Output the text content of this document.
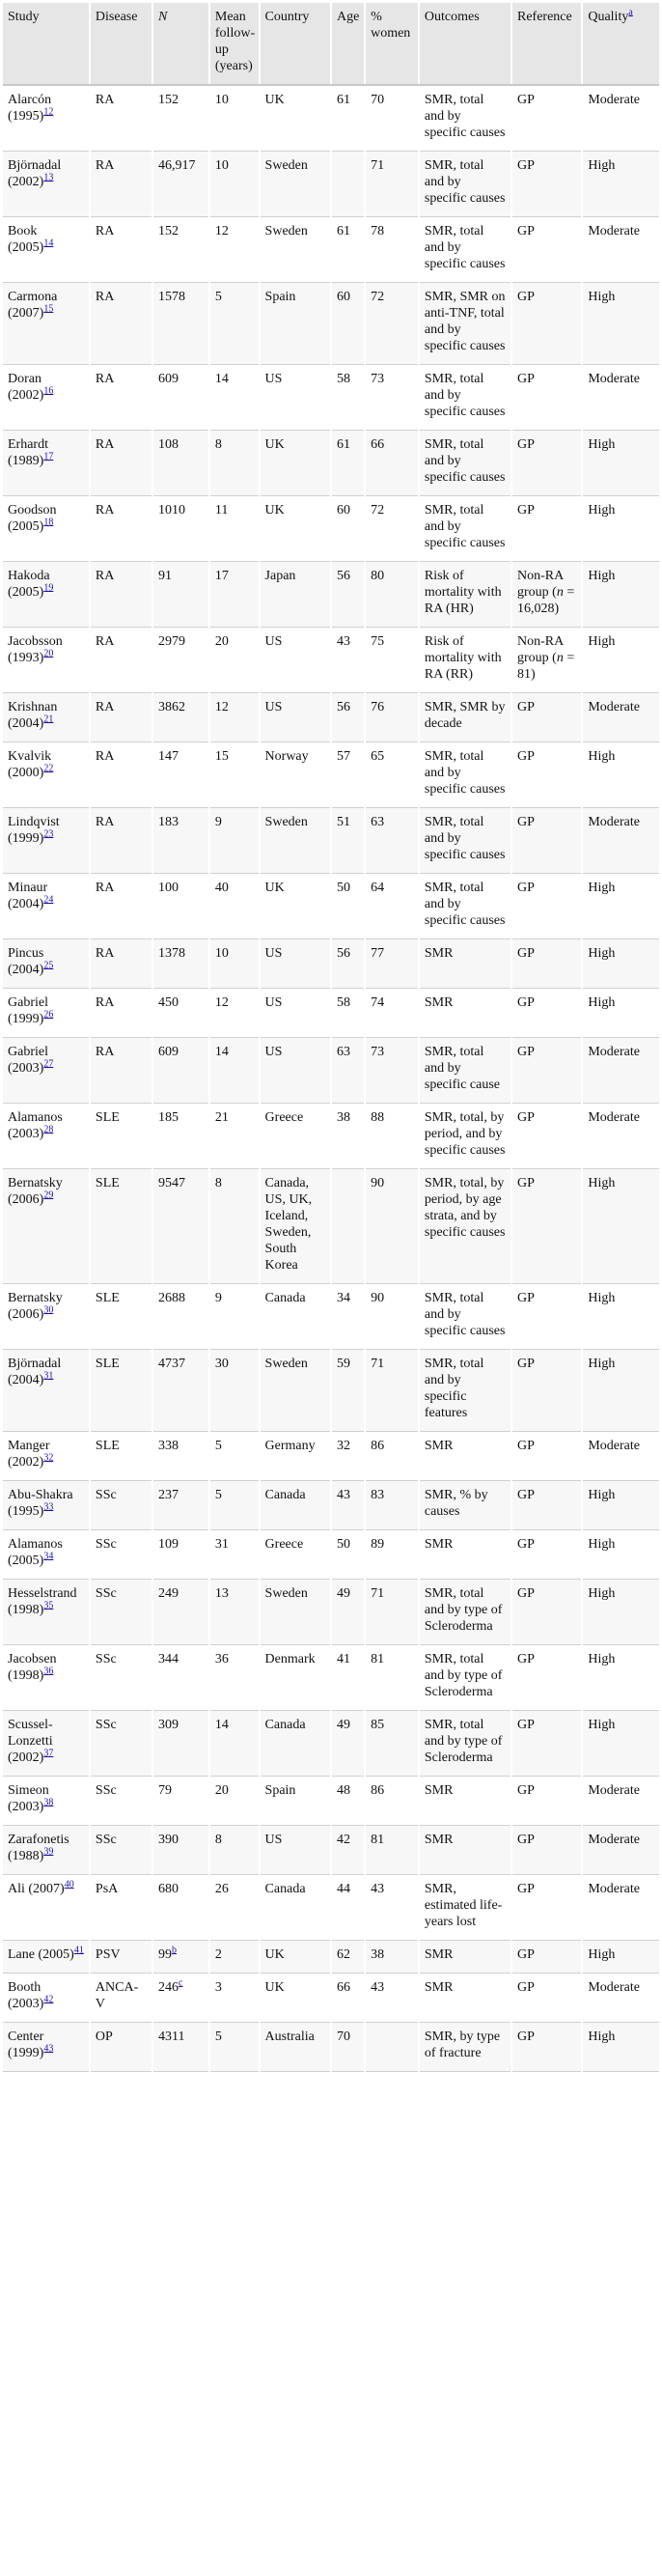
Study	Disease	N	Mean follow-up (years)	Country	Age	% women	Outcomes	Reference	Quality$^a$
Alarcón (1995)$^{12}$	RA	152	10	UK	61	70	SMR, total and by specific causes	GP	Moderate
Björnadal (2002)$^{13}$	RA	46,917	10	Sweden		71	SMR, total and by specific causes	GP	High
Book (2005)$^{14}$	RA	152	12	Sweden	61	78	SMR, total and by specific causes	GP	Moderate
Carmona (2007)$^{15}$	RA	1578	5	Spain	60	72	SMR, SMR on anti-TNF, total and by specific causes	GP	High
Doran (2002)$^{16}$	RA	609	14	US	58	73	SMR, total and by specific causes	GP	Moderate
Erhardt (1989)$^{17}$	RA	108	8	UK	61	66	SMR, total and by specific causes	GP	High
Goodson (2005)$^{18}$	RA	1010	11	UK	60	72	SMR, total and by specific causes	GP	High
Hakoda (2005)$^{19}$	RA	91	17	Japan	56	80	Risk of mortality with RA (HR)	Non-RA group (n = 16,028)	High
Jacobsson (1993)$^{20}$	RA	2979	20	US	43	75	Risk of mortality with RA (RR)	Non-RA group (n = 81)	High
Krishnan (2004)$^{21}$	RA	3862	12	US	56	76	SMR, SMR by decade	GP	Moderate
Kvalvik (2000)$^{22}$	RA	147	15	Norway	57	65	SMR, total and by specific causes	GP	High
Lindqvist (1999)$^{23}$	RA	183	9	Sweden	51	63	SMR, total and by specific causes	GP	Moderate
Minaur (2004)$^{24}$	RA	100	40	UK	50	64	SMR, total and by specific causes	GP	High
Pincus (2004)$^{25}$	RA	1378	10	US	56	77	SMR	GP	High
Gabriel (1999)$^{26}$	RA	450	12	US	58	74	SMR	GP	High
Gabriel (2003)$^{27}$	RA	609	14	US	63	73	SMR, total and by specific cause	GP	Moderate
Alamanos (2003)$^{28}$	SLE	185	21	Greece	38	88	SMR, total, by period, and by specific causes	GP	Moderate
Bernatsky (2006)$^{29}$	SLE	9547	8	Canada, US, UK, Iceland, Sweden, South Korea		90	SMR, total, by period, by age strata, and by specific causes	GP	High
Bernatsky (2006)$^{30}$	SLE	2688	9	Canada	34	90	SMR, total and by specific causes	GP	High
Björnadal (2004)$^{31}$	SLE	4737	30	Sweden	59	71	SMR, total and by specific features	GP	High
Manger (2002)$^{32}$	SLE	338	5	Germany	32	86	SMR	GP	Moderate
Abu-Shakra (1995)$^{33}$	SSc	237	5	Canada	43	83	SMR, % by causes	GP	High
Alamanos (2005)$^{34}$	SSc	109	31	Greece	50	89	SMR	GP	High
Hesselstrand (1998)$^{35}$	SSc	249	13	Sweden	49	71	SMR, total and by type of Scleroderma	GP	High
Jacobsen (1998)$^{36}$	SSc	344	36	Denmark	41	81	SMR, total and by type of Scleroderma	GP	High
Scussel-Lonzetti (2002)$^{37}$	SSc	309	14	Canada	49	85	SMR, total and by type of Scleroderma	GP	High
Simeon (2003)$^{38}$	SSc	79	20	Spain	48	86	SMR	GP	Moderate
Zarafonetis (1988)$^{39}$	SSc	390	8	US	42	81	SMR	GP	Moderate
Ali (2007)$^{40}$	PsA	680	26	Canada	44	43	SMR, estimated life-years lost	GP	Moderate
Lane (2005)$^{41}$	PSV	99$^b$	2	UK	62	38	SMR	GP	High
Booth (2003)$^{42}$	ANCA-V	246$^c$	3	UK	66	43	SMR	GP	Moderate
Center (1999)$^{43}$	OP	4311	5	Australia	70		SMR, by type of fracture	GP	High
